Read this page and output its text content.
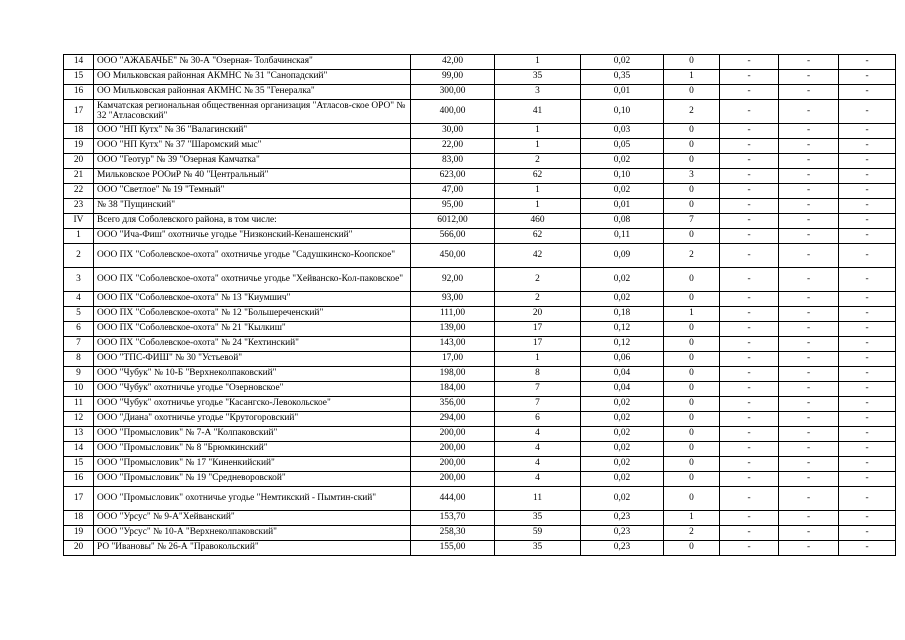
14	ООО "АЖАБАЧЬЕ" № 30-А "Озерная- Толбачинская"	42,00	1	0,02	0	-	-	-
15	ОО Мильковская районная АКМНС № 31 "Санопадский"	99,00	35	0,35	1	-	-	-
16	ОО Мильковская районная АКМНС № 35 "Генералка"	300,00	3	0,01	0	-	-	-
17	Камчатская региональная общественная организация "Атласов-ское ОРО" № 32 "Атласовский"	400,00	41	0,10	2	-	-	-
18	ООО "НП Кутх" № 36 "Валагинский"	30,00	1	0,03	0	-	-	-
19	ООО "НП Кутх" № 37 "Шаромский мыс"	22,00	1	0,05	0	-	-	-
20	ООО "Геотур" № 39 "Озерная Камчатка"	83,00	2	0,02	0	-	-	-
21	Мильковское РООиР № 40 "Центральный"	623,00	62	0,10	3	-	-	-
22	ООО "Светлое" № 19 "Темный"	47,00	1	0,02	0	-	-	-
23	№ 38 "Пущинский"	95,00	1	0,01	0	-	-	-
IV	Всего для Соболевского района, в том числе:	6012,00	460	0,08	7	-	-	-
1	ООО "Ича-Фиш" охотничье угодье "Низконский-Кенашенский"	566,00	62	0,11	0	-	-	-
2	ООО ПХ "Соболевское-охота" охотничье угодье "Садушкинско-Коопское"	450,00	42	0,09	2	-	-	-
3	ООО ПХ "Соболевское-охота" охотничье угодье "Хейванско-Кол-паковское"	92,00	2	0,02	0	-	-	-
4	ООО ПХ "Соболевское-охота" № 13 "Киумшич"	93,00	2	0,02	0	-	-	-
5	ООО ПХ "Соболевское-охота" № 12 "Большереченский"	111,00	20	0,18	1	-	-	-
6	ООО ПХ "Соболевское-охота" № 21 "Кылкиш"	139,00	17	0,12	0	-	-	-
7	ООО ПХ "Соболевское-охота" № 24 "Кехтинский"	143,00	17	0,12	0	-	-	-
8	ООО "ТПС-ФИШ" № 30 "Устьевой"	17,00	1	0,06	0	-	-	-
9	ООО "Чубук" № 10-Б "Верхнеколпаковский"	198,00	8	0,04	0	-	-	-
10	ООО "Чубук" охотничье угодье "Озерновское"	184,00	7	0,04	0	-	-	-
11	ООО "Чубук" охотничье угодье "Касангско-Левокольское"	356,00	7	0,02	0	-	-	-
12	ООО "Диана" охотничье угодье "Крутогоровский"	294,00	6	0,02	0	-	-	-
13	ООО "Промысловик" № 7-А "Колпаковский"	200,00	4	0,02	0	-	-	-
14	ООО "Промысловик" № 8 "Брюмкинский"	200,00	4	0,02	0	-	-	-
15	ООО "Промысловик" № 17 "Киненкийский"	200,00	4	0,02	0	-	-	-
16	ООО "Промысловик" № 19 "Средневоровской"	200,00	4	0,02	0	-	-	-
17	ООО "Промысловик" охотничье угодье "Немтикский - Пымтин-ский"	444,00	11	0,02	0	-	-	-
18	ООО "Урсус" № 9-А"Хейванский"	153,70	35	0,23	1	-	-	-
19	ООО "Урсус" № 10-А "Верхнеколпаковский"	258,30	59	0,23	2	-	-	-
20	РО "Ивановы" № 26-А "Правокольский"	155,00	35	0,23	0	-	-	-
